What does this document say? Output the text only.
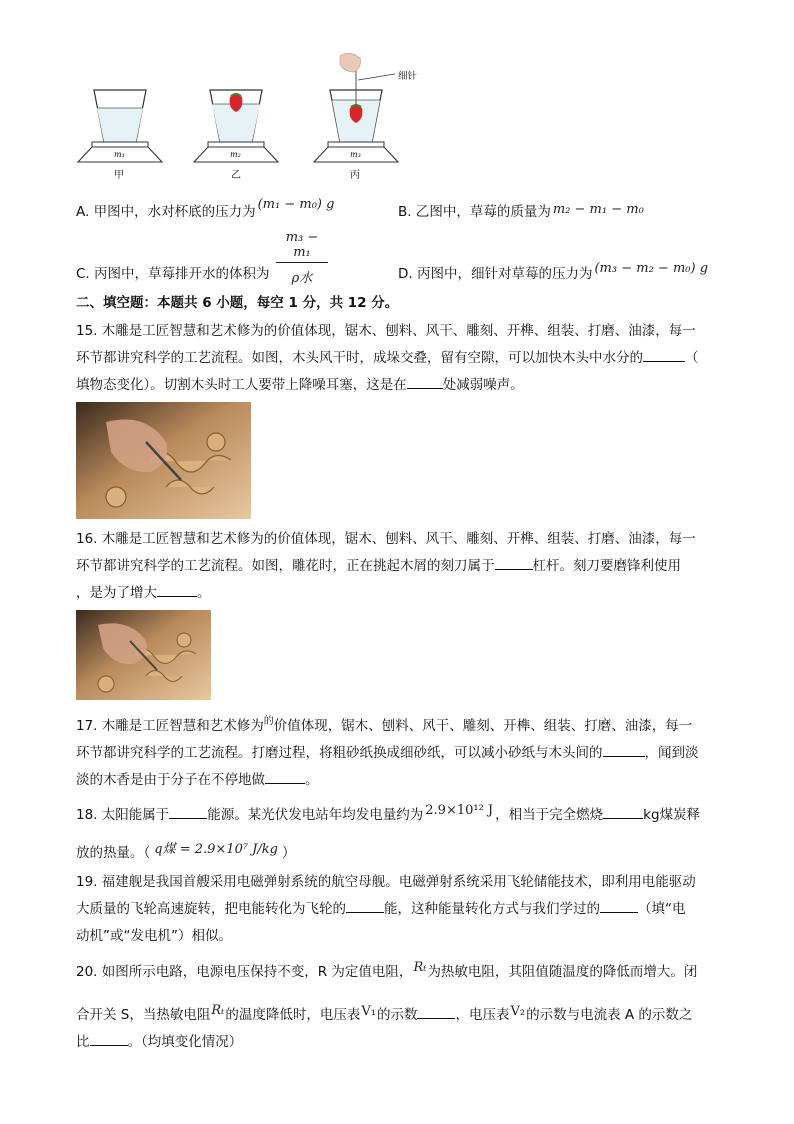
细针
m₁	m₂	m₃
甲	乙	丙
A. 甲图中，水对杯底的压力为 (m₁ − m₀) g	B. 乙图中，草莓的质量为 m₂ − m₁ − m₀
C. 丙图中，草莓排开水的体积为
m₃ − m₁
ρ水	D. 丙图中，细针对草莓的压力为 (m₃ − m₂ − m₀) g
二、填空题：本题共 6 小题，每空 1 分，共 12 分。
15. 木雕是工匠智慧和艺术修为的价值体现，锯木、刨料、风干、雕刻、开榫、组装、打磨、油漆，每一
环节都讲究科学的工艺流程。如图，木头风干时，成垛交叠，留有空隙，可以加快木头中水分的	（
填物态变化）。切割木头时工人要带上降噪耳塞，这是在	处减弱噪声。
16. 木雕是工匠智慧和艺术修为的价值体现，锯木、刨料、风干、雕刻、开榫、组装、打磨、油漆，每一
环节都讲究科学的工艺流程。如图，雕花时，正在挑起木屑的刻刀属于	杠杆。刻刀要磨锋利使用
，是为了增大	。
17. 木雕是工匠智慧和艺术修为$^的$价值体现，锯木、刨料、风干、雕刻、开榫、组装、打磨、油漆，每一
环节都讲究科学的工艺流程。打磨过程，将粗砂纸换成细砂纸，可以减小砂纸与木头间的	，闻到淡
淡的木香是由于分子在不停地做	。
18. 太阳能属于	能源。某光伏发电站年均发电量约为 2.9×10¹² J ，相当于完全燃烧	kg煤炭释
放的热量。（ q煤 = 2.9×10⁷ J/kg ）
19. 福建舰是我国首艘采用电磁弹射系统的航空母舰。电磁弹射系统采用飞轮储能技术，即利用电能驱动
大质量的飞轮高速旋转，把电能转化为飞轮的	能，这种能量转化方式与我们学过的	（填“电
动机”或“发电机”）相似。
20. 如图所示电路，电源电压保持不变，R 为定值电阻，Rₜ为热敏电阻，其阻值随温度的降低而增大。闭
合开关 S，当热敏电阻Rₜ的温度降低时，电压表V₁的示数	，电压表V₂的示数与电流表 A 的示数之
比	。（均填变化情况）
